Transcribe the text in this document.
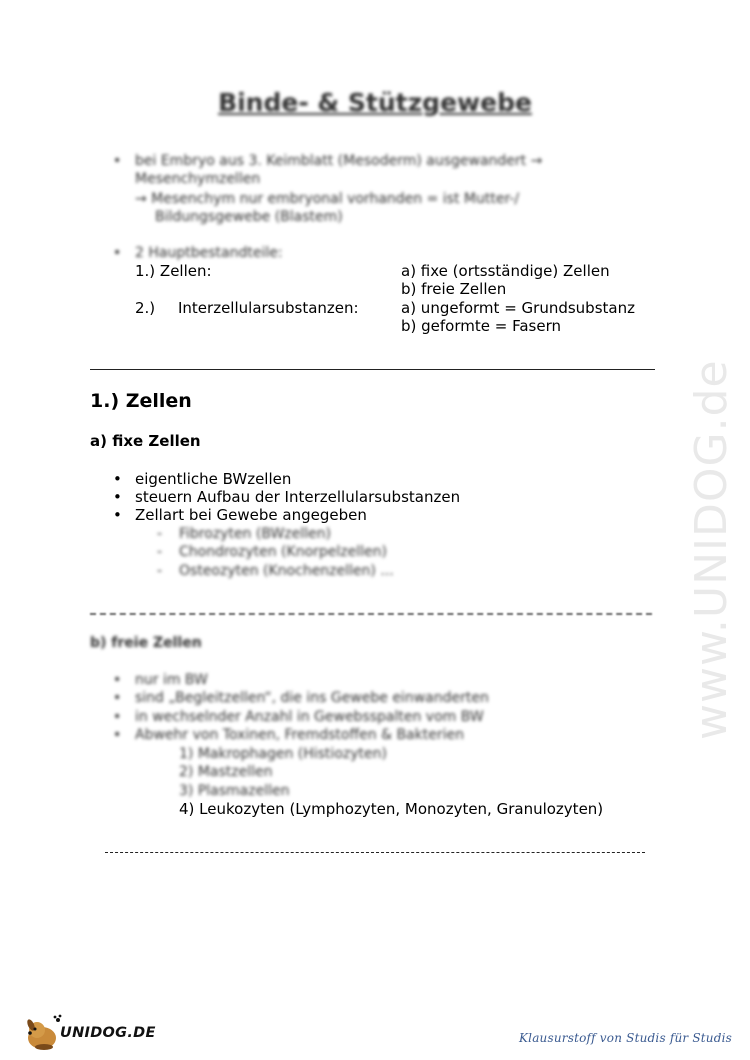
Binde- & Stützgewebe
• bei Embryo aus 3. Keimblatt (Mesoderm) ausgewandert →
Mesenchymzellen
→ Mesenchym nur embryonal vorhanden = ist Mutter-/
Bildungsgewebe (Blastem)
• 2 Hauptbestandteile:
1.) Zellen:	a) fixe (ortsständige) Zellen
b) freie Zellen
2.) Interzellularsubstanzen:	a) ungeformt = Grundsubstanz
b) geformte = Fasern
1.) Zellen
a) fixe Zellen
• eigentliche BWzellen
• steuern Aufbau der Interzellularsubstanzen
• Zellart bei Gewebe angegeben
- Fibrozyten (BWzellen)
- Chondrozyten (Knorpelzellen)
- Osteozyten (Knochenzellen) ...
b) freie Zellen
• nur im BW
• sind „Begleitzellen“, die ins Gewebe einwanderten
• in wechselnder Anzahl in Gewebsspalten vom BW
• Abwehr von Toxinen, Fremdstoffen & Bakterien
1) Makrophagen (Histiozyten)
2) Mastzellen
3) Plasmazellen
4) Leukozyten (Lymphozyten, Monozyten, Granulozyten)
www.UNIDOG.de
UNIDOG.DE	Klausurstoff von Studis für Studis
